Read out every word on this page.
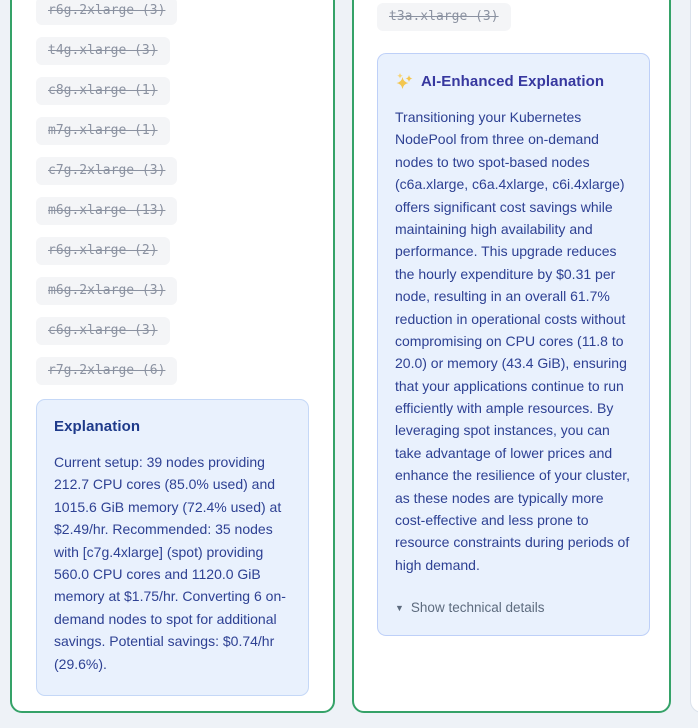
r6g.2xlarge (3)
t4g.xlarge (3)
c8g.xlarge (1)
m7g.xlarge (1)
c7g.2xlarge (3)
m6g.xlarge (13)
r6g.xlarge (2)
m6g.2xlarge (3)
c6g.xlarge (3)
r7g.2xlarge (6)
Explanation
Current setup: 39 nodes providing 212.7 CPU cores (85.0% used) and 1015.6 GiB memory (72.4% used) at $2.49/hr. Recommended: 35 nodes with [c7g.4xlarge] (spot) providing 560.0 CPU cores and 1120.0 GiB memory at $1.75/hr. Converting 6 on-demand nodes to spot for additional savings. Potential savings: $0.74/hr (29.6%).
t3a.xlarge (3)
AI-Enhanced Explanation
Transitioning your Kubernetes NodePool from three on-demand nodes to two spot-based nodes (c6a.xlarge, c6a.4xlarge, c6i.4xlarge) offers significant cost savings while maintaining high availability and performance. This upgrade reduces the hourly expenditure by $0.31 per node, resulting in an overall 61.7% reduction in operational costs without compromising on CPU cores (11.8 to 20.0) or memory (43.4 GiB), ensuring that your applications continue to run efficiently with ample resources. By leveraging spot instances, you can take advantage of lower prices and enhance the resilience of your cluster, as these nodes are typically more cost-effective and less prone to resource constraints during periods of high demand.
▼ Show technical details
